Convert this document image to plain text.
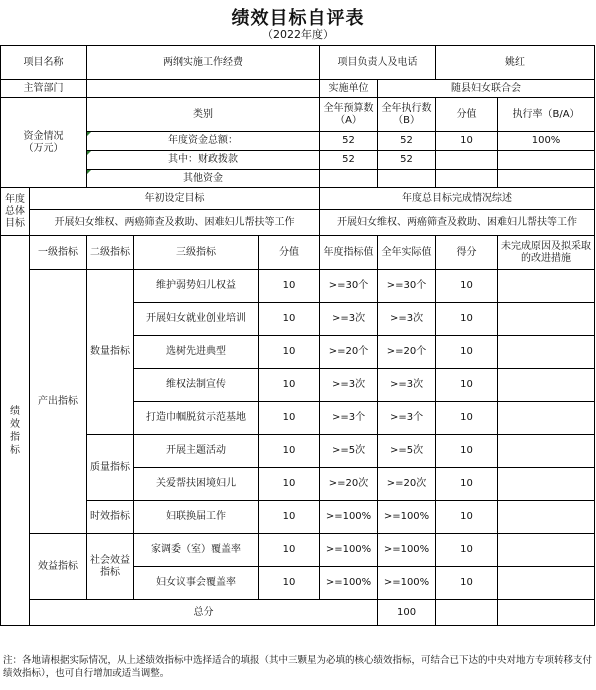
绩效目标自评表
（2022年度）
项目名称		两纲实施工作经费			项目负责人及电话		姚红		
主管部门					实施单位	随县妇女联合会			

资金情况
（万元）		类别			全年预算数（A）	全年执行数（B）	分值	执行率（B/A）	
		年度资金总额：			52	52	10	100%	
		其中：财政拨款			52	52			
		其他资金							

年度
总体
目标	年初设定目标				年度总目标完成情况综述				
	开展妇女维权、两癌筛查及救助、困难妇儿帮扶等工作				开展妇女维权、两癌筛查及救助、困难妇儿帮扶等工作				

绩效指标	一级指标	二级指标	三级指标	分值	年度指标值	全年实际值	得分	未完成原因及拟采取的改进措施	
	产出指标	数量指标	维护弱势妇儿权益	10	>=30个	>=30个	10		
			开展妇女就业创业培训	10	>=3次	>=3次	10		
			选树先进典型	10	>=20个	>=20个	10		
			维权法制宣传	10	>=3次	>=3次	10		
			打造巾帼脱贫示范基地	10	>=3个	>=3个	10		
		质量指标	开展主题活动	10	>=5次	>=5次	10		
			关爱帮扶困境妇儿	10	>=20次	>=20次	10		
		时效指标	妇联换届工作	10	>=100%	>=100%	10		
	效益指标	社会效益指标	家调委（室）覆盖率	10	>=100%	>=100%	10		
			妇女议事会覆盖率	10	>=100%	>=100%	10		
	总分					100				
注：各地请根据实际情况，从上述绩效指标中选择适合的填报（其中三颗星为必填的核心绩效指标，可结合已下达的中央对地方专项转移支付绩效指标），也可自行增加或适当调整。
